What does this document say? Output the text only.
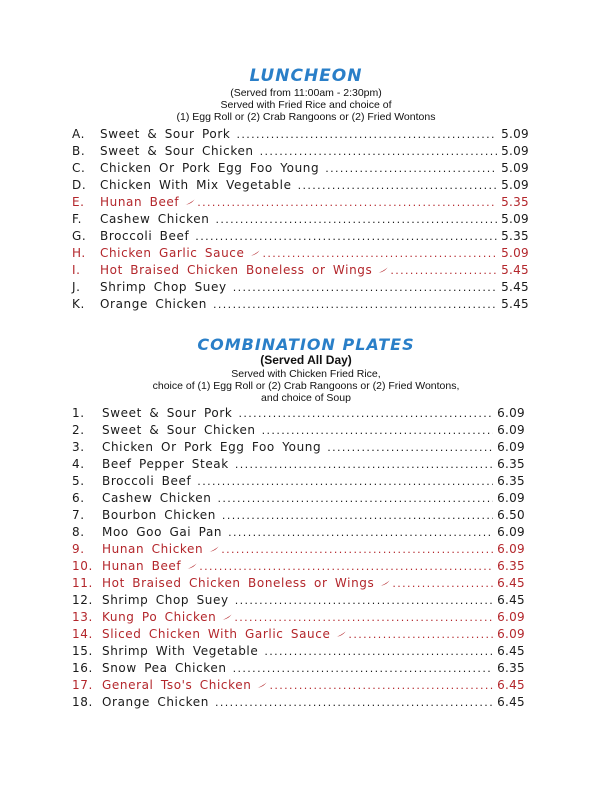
LUNCHEON
(Served from 11:00am - 2:30pm)
Served with Fried Rice and choice of
(1) Egg Roll or (2) Crab Rangoons or (2) Fried Wontons
A.	Sweet & Sour Pork .....	5.09
B.	Sweet & Sour Chicken .....	5.09
C.	Chicken Or Pork Egg Foo Young .....	5.09
D.	Chicken With Mix Vegetable .....	5.09
E.	Hunan Beef .....	5.35
F.	Cashew Chicken .....	5.09
G.	Broccoli Beef .....	5.35
H.	Chicken Garlic Sauce .....	5.09
I.	Hot Braised Chicken Boneless or Wings .....	5.45
J.	Shrimp Chop Suey .....	5.45
K.	Orange Chicken .....	5.45
COMBINATION PLATES
(Served All Day)
Served with Chicken Fried Rice,
choice of (1) Egg Roll or (2) Crab Rangoons or (2) Fried Wontons,
and choice of Soup
1.	Sweet & Sour Pork .....	6.09
2.	Sweet & Sour Chicken .....	6.09
3.	Chicken Or Pork Egg Foo Young .....	6.09
4.	Beef Pepper Steak .....	6.35
5.	Broccoli Beef .....	6.35
6.	Cashew Chicken .....	6.09
7.	Bourbon Chicken .....	6.50
8.	Moo Goo Gai Pan .....	6.09
9.	Hunan Chicken .....	6.09
10. Hunan Beef .....	6.35
11. Hot Braised Chicken Boneless or Wings .....	6.45
12. Shrimp Chop Suey .....	6.45
13. Kung Po Chicken .....	6.09
14. Sliced Chicken With Garlic Sauce .....	6.09
15. Shrimp With Vegetable .....	6.45
16. Snow Pea Chicken .....	6.35
17. General Tso's Chicken .....	6.45
18. Orange Chicken .....	6.45
